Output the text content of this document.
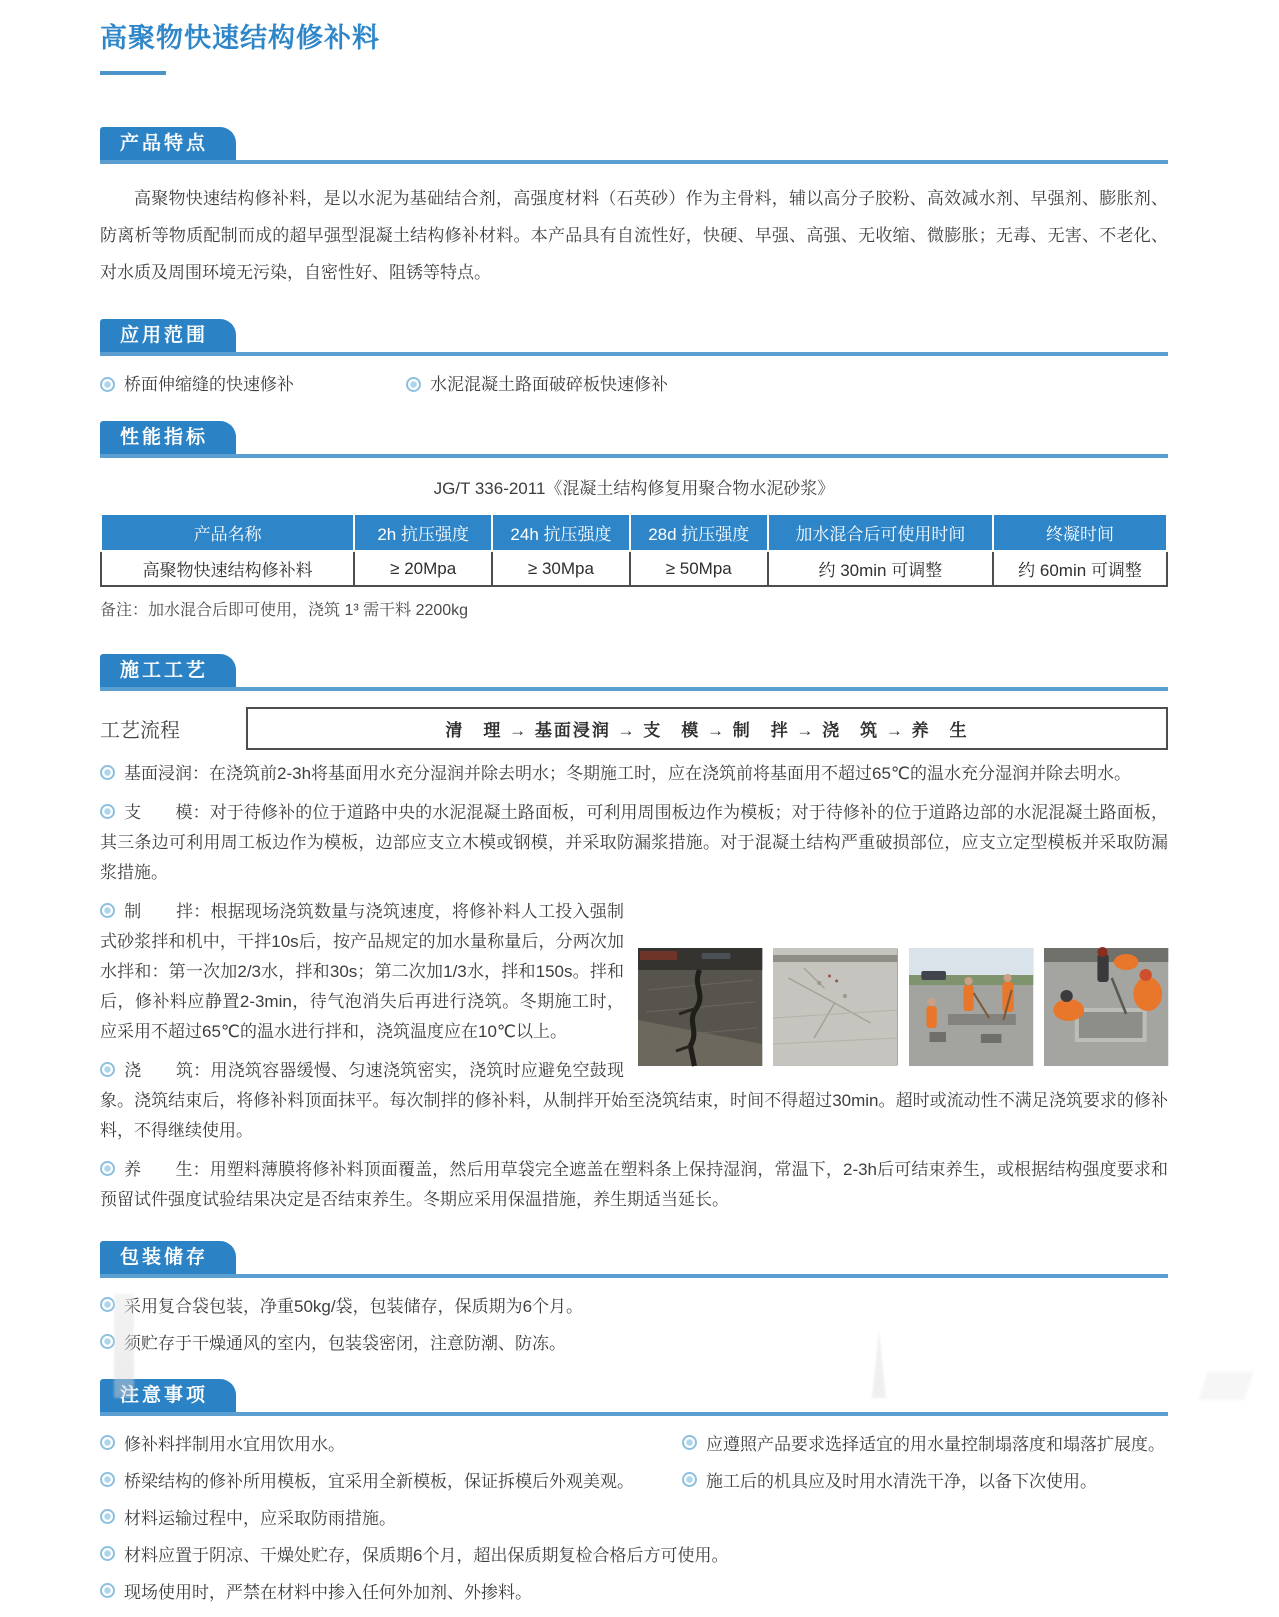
高聚物快速结构修补料
产品特点

高聚物快速结构修补料，是以水泥为基础结合剂，高强度材料（石英砂）作为主骨料，辅以高分子胶粉、高效减水剂、早强剂、膨胀剂、防离析等物质配制而成的超早强型混凝土结构修补材料。本产品具有自流性好，快硬、早强、高强、无收缩、微膨胀；无毒、无害、不老化、对水质及周围环境无污染，自密性好、阻锈等特点。

应用范围
桥面伸缩缝的快速修补	水泥混凝土路面破碎板快速修补
性能指标
JG/T 336-2011《混凝土结构修复用聚合物水泥砂浆》
产品名称	2h 抗压强度	24h 抗压强度	28d 抗压强度	加水混合后可使用时间	终凝时间
高聚物快速结构修补料	≥ 20Mpa	≥ 30Mpa	≥ 50Mpa	约 30min 可调整	约 60min 可调整
备注：加水混合后即可使用，浇筑 1³ 需干料 2200kg
施工工艺
工艺流程	清　理 → 基面浸润 → 支　模 → 制　拌 → 浇　筑 → 养　生

基面浸润：在浇筑前2-3h将基面用水充分湿润并除去明水；冬期施工时，应在浇筑前将基面用不超过65℃的温水充分湿润并除去明水。

支　　模：对于待修补的位于道路中央的水泥混凝土路面板，可利用周围板边作为模板；对于待修补的位于道路边部的水泥混凝土路面板，其三条边可利用周工板边作为模板，边部应支立木模或钢模，并采取防漏浆措施。对于混凝土结构严重破损部位，应支立定型模板并采取防漏浆措施。

制　　拌：根据现场浇筑数量与浇筑速度，将修补料人工投入强制式砂浆拌和机中，干拌10s后，按产品规定的加水量称量后，分两次加水拌和：第一次加2/3水，拌和30s；第二次加1/3水，拌和150s。拌和后，修补料应静置2-3min，待气泡消失后再进行浇筑。冬期施工时，应采用不超过65℃的温水进行拌和，浇筑温度应在10℃以上。

浇　　筑：用浇筑容器缓慢、匀速浇筑密实，浇筑时应避免空鼓现象。浇筑结束后，将修补料顶面抹平。每次制拌的修补料，从制拌开始至浇筑结束，时间不得超过30min。超时或流动性不满足浇筑要求的修补料，不得继续使用。

养　　生：用塑料薄膜将修补料顶面覆盖，然后用草袋完全遮盖在塑料条上保持湿润，常温下，2-3h后可结束养生，或根据结构强度要求和预留试件强度试验结果决定是否结束养生。冬期应采用保温措施，养生期适当延长。

包装储存
采用复合袋包装，净重50kg/袋，包装储存，保质期为6个月。
须贮存于干燥通风的室内，包装袋密闭，注意防潮、防冻。
注意事项
修补料拌制用水宜用饮用水。	应遵照产品要求选择适宜的用水量控制塌落度和塌落扩展度。
桥梁结构的修补所用模板，宜采用全新模板，保证拆模后外观美观。	施工后的机具应及时用水清洗干净，以备下次使用。
材料运输过程中，应采取防雨措施。
材料应置于阴凉、干燥处贮存，保质期6个月，超出保质期复检合格后方可使用。
现场使用时，严禁在材料中掺入任何外加剂、外掺料。
